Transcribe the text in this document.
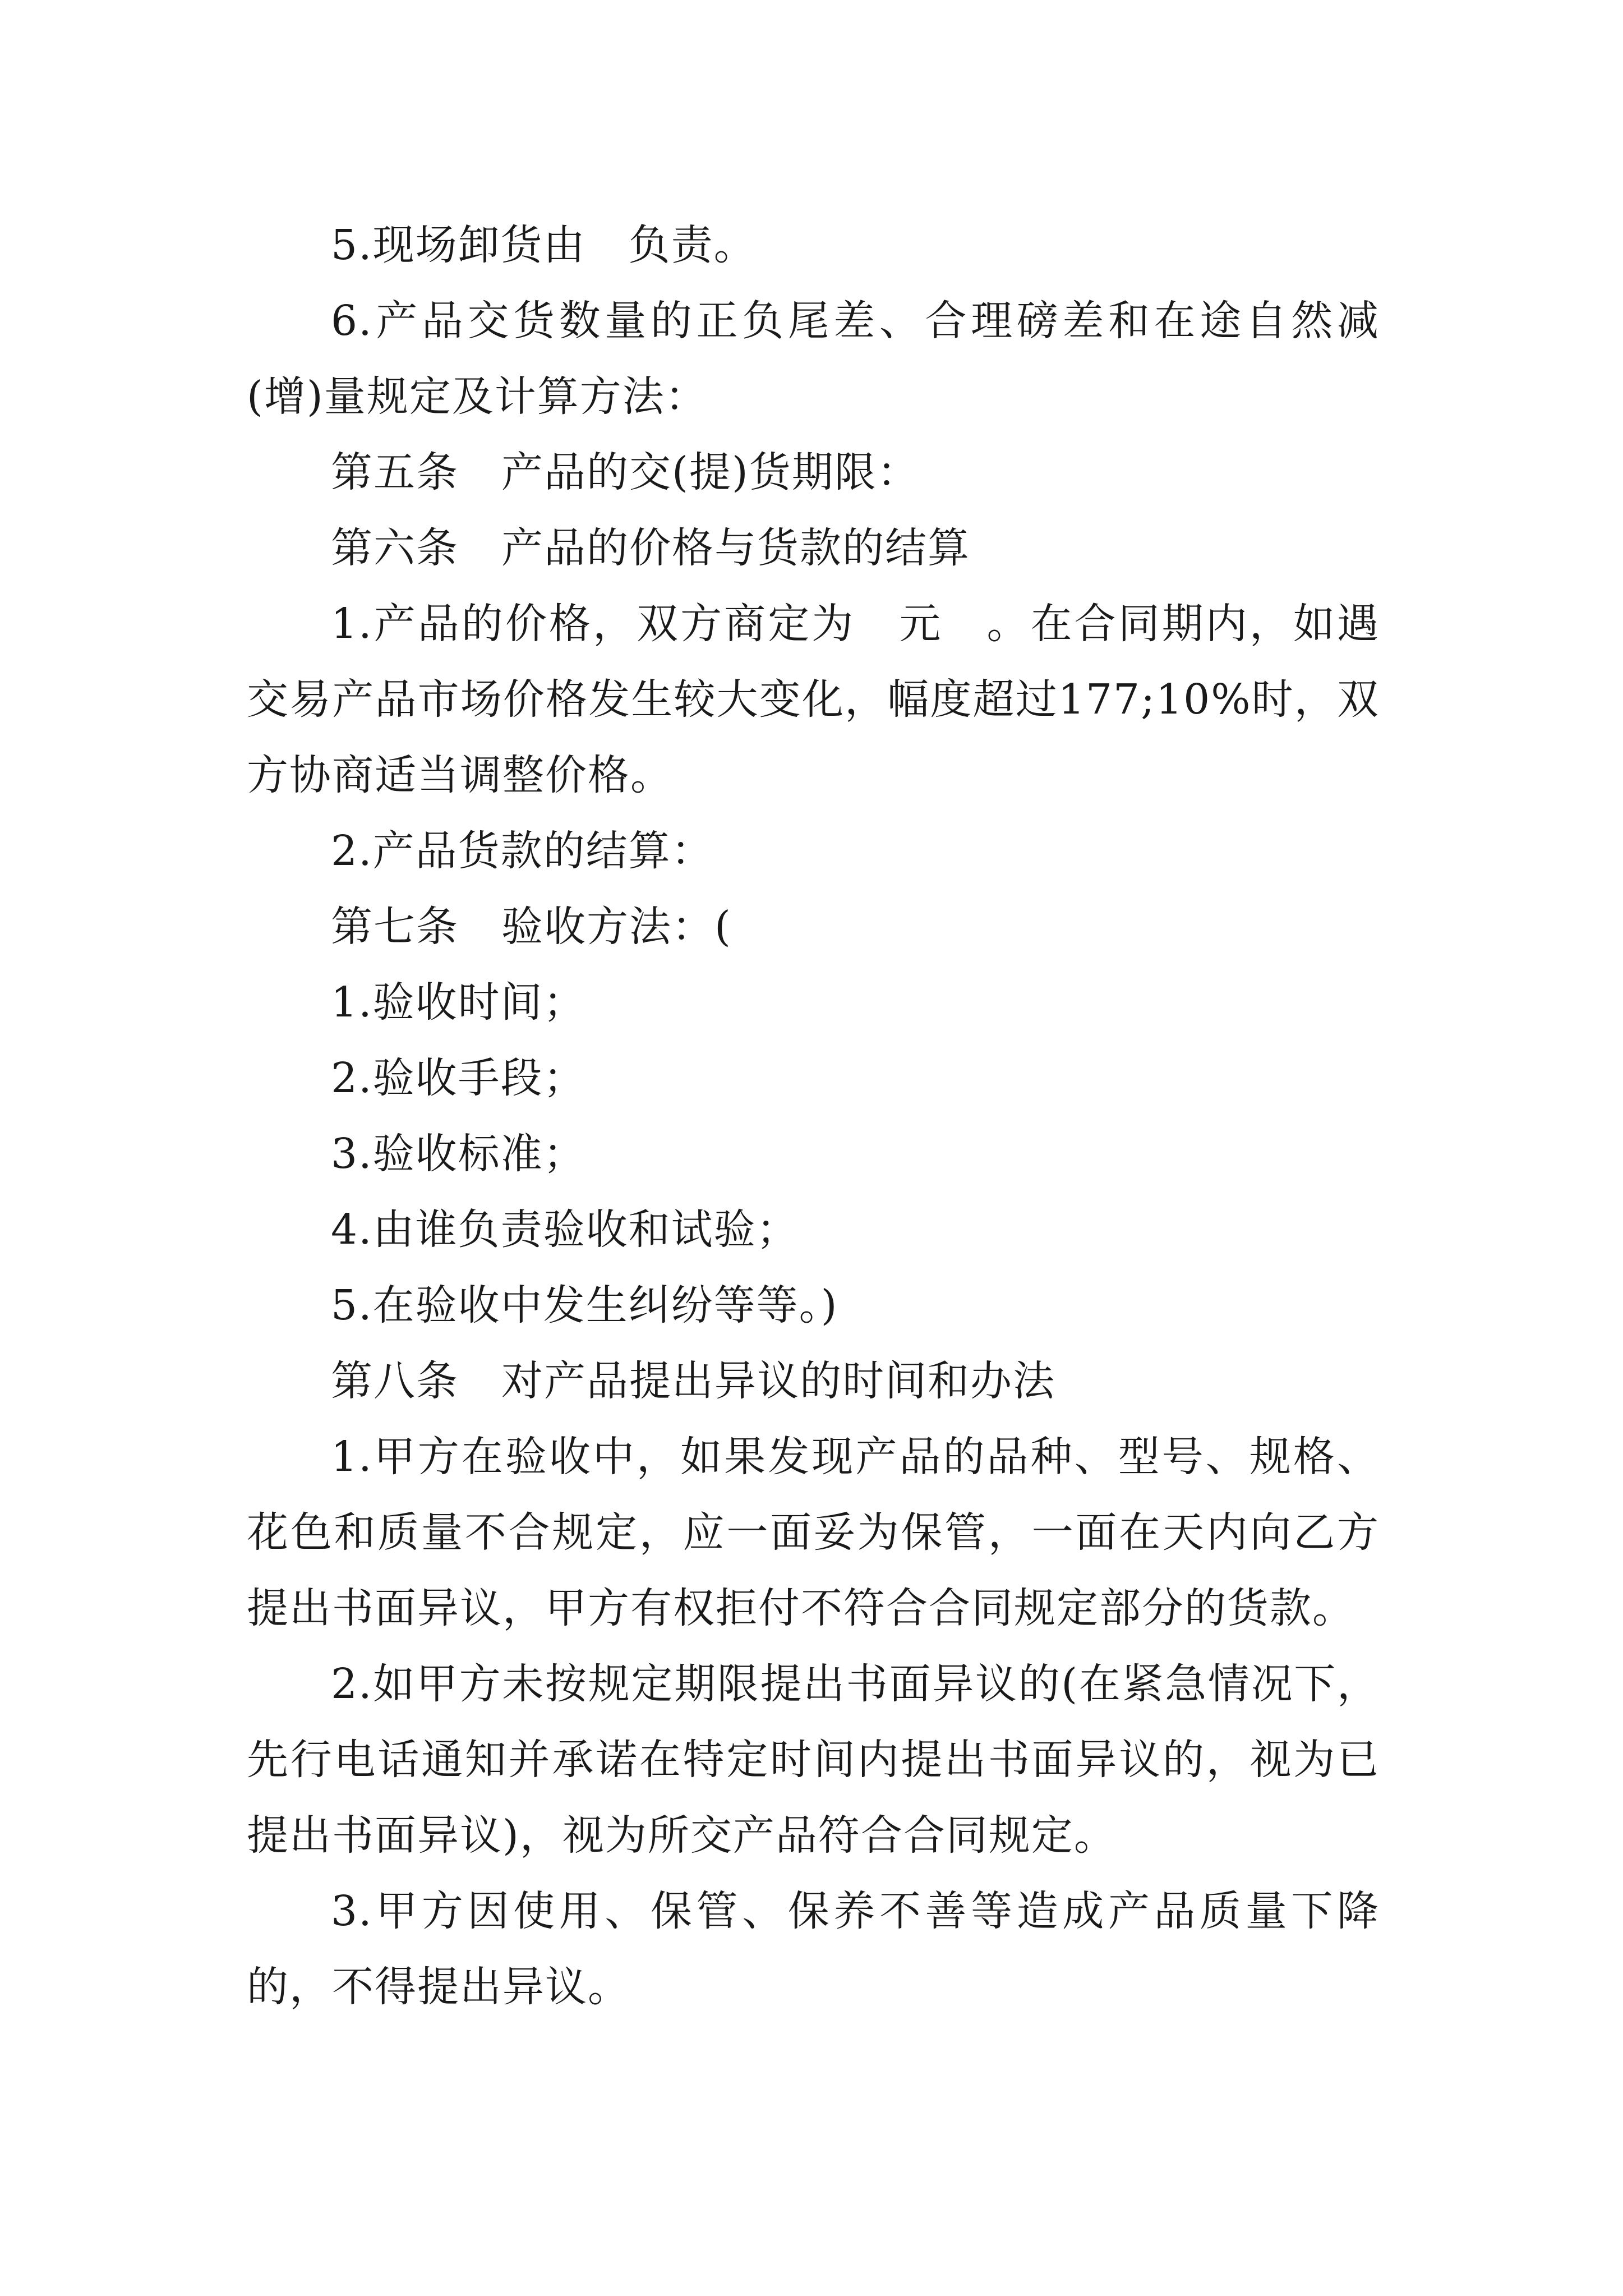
5.现场卸货由　负责。

6.产品交货数量的正负尾差、合理磅差和在途自然减(增)量规定及计算方法：

第五条　产品的交(提)货期限：

第六条　产品的价格与货款的结算

1.产品的价格，双方商定为　元　。在合同期内，如遇交易产品市场价格发生较大变化，幅度超过177;10%时，双方协商适当调整价格。

2.产品货款的结算：

第七条　验收方法：(

1.验收时间；

2.验收手段；

3.验收标准；

4.由谁负责验收和试验；

5.在验收中发生纠纷等等。)

第八条　对产品提出异议的时间和办法

1.甲方在验收中，如果发现产品的品种、型号、规格、花色和质量不合规定，应一面妥为保管，一面在天内向乙方提出书面异议，甲方有权拒付不符合合同规定部分的货款。

2.如甲方未按规定期限提出书面异议的(在紧急情况下，先行电话通知并承诺在特定时间内提出书面异议的，视为已提出书面异议)，视为所交产品符合合同规定。

3.甲方因使用、保管、保养不善等造成产品质量下降的，不得提出异议。
